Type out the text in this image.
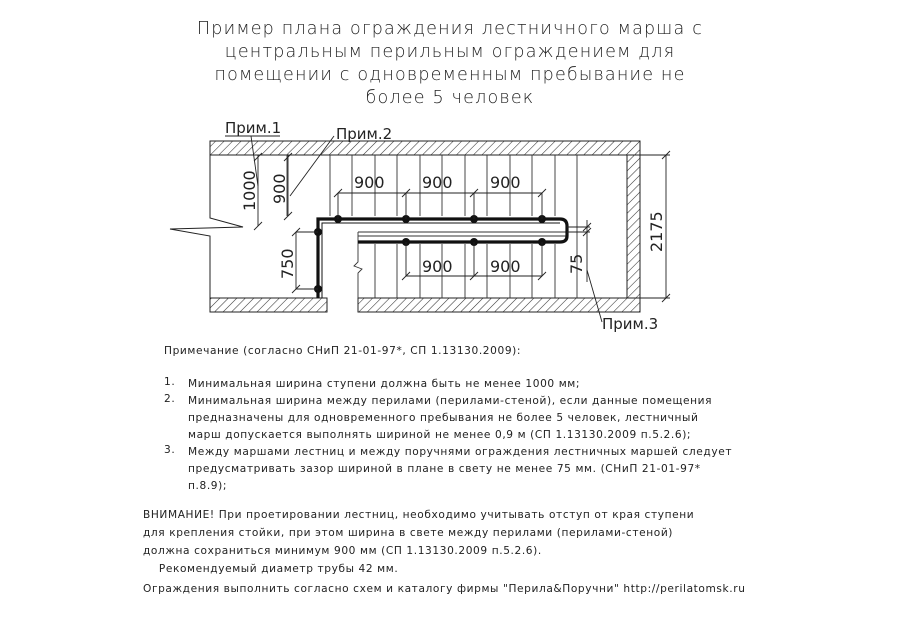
Пример плана ограждения лестничного марша с
центральным перильным ограждением для
помещении с одновременным пребывание не
более 5 человек
1000 900
750
900 900 900
900 900	75
2175
Прим.1	Прим.2
Прим.3
Примечание (согласно СНиП 21-01-97*, СП 1.13130.2009):
1. Минимальная ширина ступени должна быть не менее 1000 мм;
2. Минимальная ширина между перилами (перилами-стеной), если данные помещения
предназначены для одновременного пребывания не более 5 человек, лестничный
марш допускается выполнять шириной не менее 0,9 м (СП 1.13130.2009 п.5.2.6);
3. Между маршами лестниц и между поручнями ограждения лестничных маршей следует
предусматривать зазор шириной в плане в свету не менее 75 мм. (СНиП 21-01-97*
п.8.9);
ВНИМАНИЕ! При проетировании лестниц, необходимо учитывать отступ от края ступени
для крепления стойки, при этом ширина в свете между перилами (перилами-стеной)
должна сохраниться минимум 900 мм (СП 1.13130.2009 п.5.2.6).
Рекомендуемый диаметр трубы 42 мм.
Ограждения выполнить согласно схем и каталогу фирмы "Перила&Поручни" http://perilatomsk.ru
